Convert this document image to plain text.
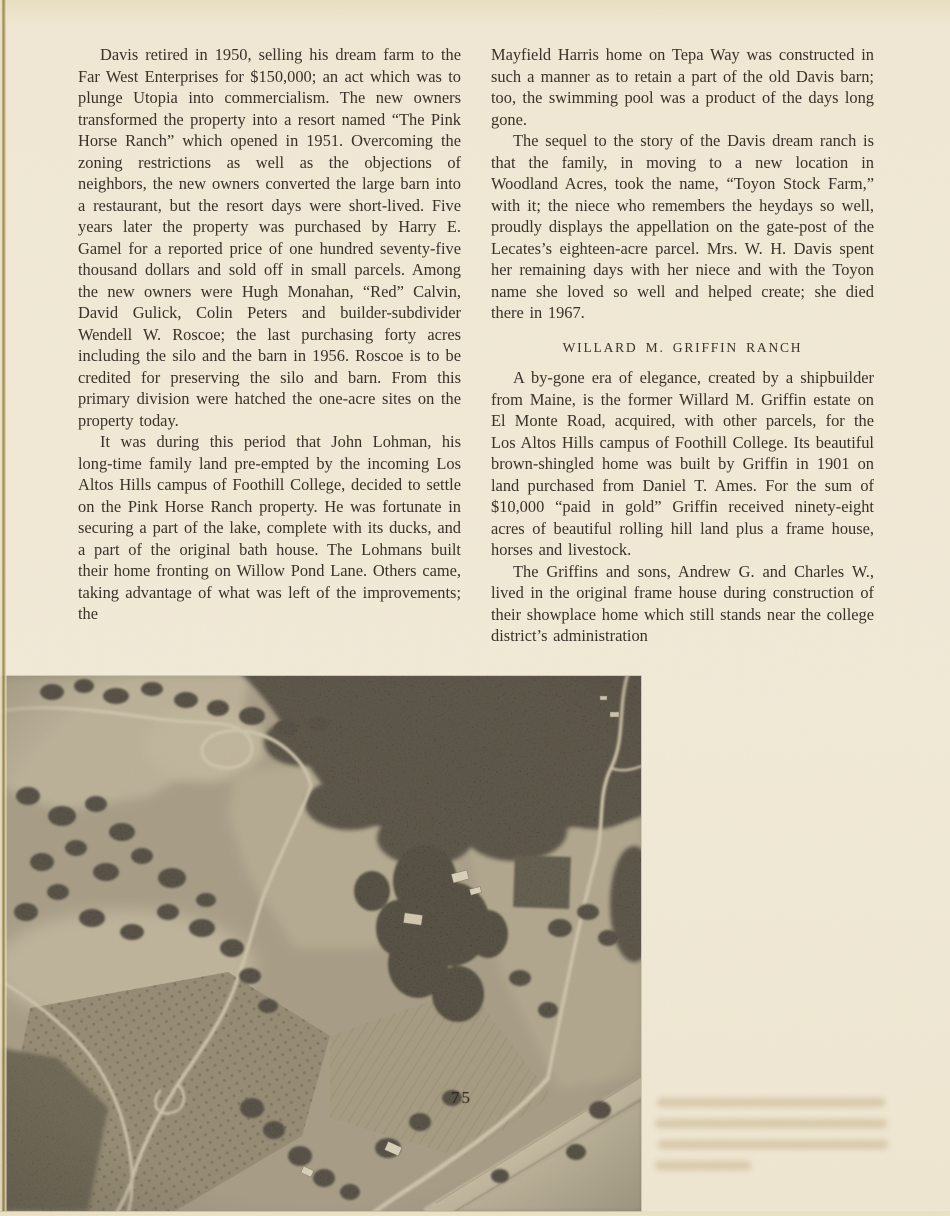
Davis retired in 1950, selling his dream farm to the Far West Enterprises for $150,000; an act which was to plunge Utopia into commercialism. The new owners transformed the property into a resort named “The Pink Horse Ranch” which opened in 1951. Overcoming the zoning restrictions as well as the objections of neighbors, the new owners converted the large barn into a restaurant, but the resort days were short-lived. Five years later the property was purchased by Harry E. Gamel for a reported price of one hundred seventy-five thousand dollars and sold off in small parcels. Among the new owners were Hugh Monahan, “Red” Calvin, David Gulick, Colin Peters and builder-subdivider Wendell W. Roscoe; the last purchasing forty acres including the silo and the barn in 1956. Roscoe is to be credited for preserving the silo and barn. From this primary division were hatched the one-acre sites on the property today.

It was during this period that John Lohman, his long-time family land pre-empted by the incoming Los Altos Hills campus of Foothill College, decided to settle on the Pink Horse Ranch property. He was fortunate in securing a part of the lake, complete with its ducks, and a part of the original bath house. The Lohmans built their home fronting on Willow Pond Lane. Others came, taking advantage of what was left of the improvements; the

Mayfield Harris home on Tepa Way was constructed in such a manner as to retain a part of the old Davis barn; too, the swimming pool was a product of the days long gone.

The sequel to the story of the Davis dream ranch is that the family, in moving to a new location in Woodland Acres, took the name, “Toyon Stock Farm,” with it; the niece who remembers the heydays so well, proudly displays the appellation on the gate-post of the Lecates’s eighteen-acre parcel. Mrs. W. H. Davis spent her remaining days with her niece and with the Toyon name she loved so well and helped create; she died there in 1967.

WILLARD M. GRIFFIN RANCH

A by-gone era of elegance, created by a shipbuilder from Maine, is the former Willard M. Griffin estate on El Monte Road, acquired, with other parcels, for the Los Altos Hills campus of Foothill College. Its beautiful brown-shingled home was built by Griffin in 1901 on land purchased from Daniel T. Ames. For the sum of $10,000 “paid in gold” Griffin received ninety-eight acres of beautiful rolling hill land plus a frame house, horses and livestock.

The Griffins and sons, Andrew G. and Charles W., lived in the original frame house during construction of their showplace home which still stands near the college district’s administration

75
